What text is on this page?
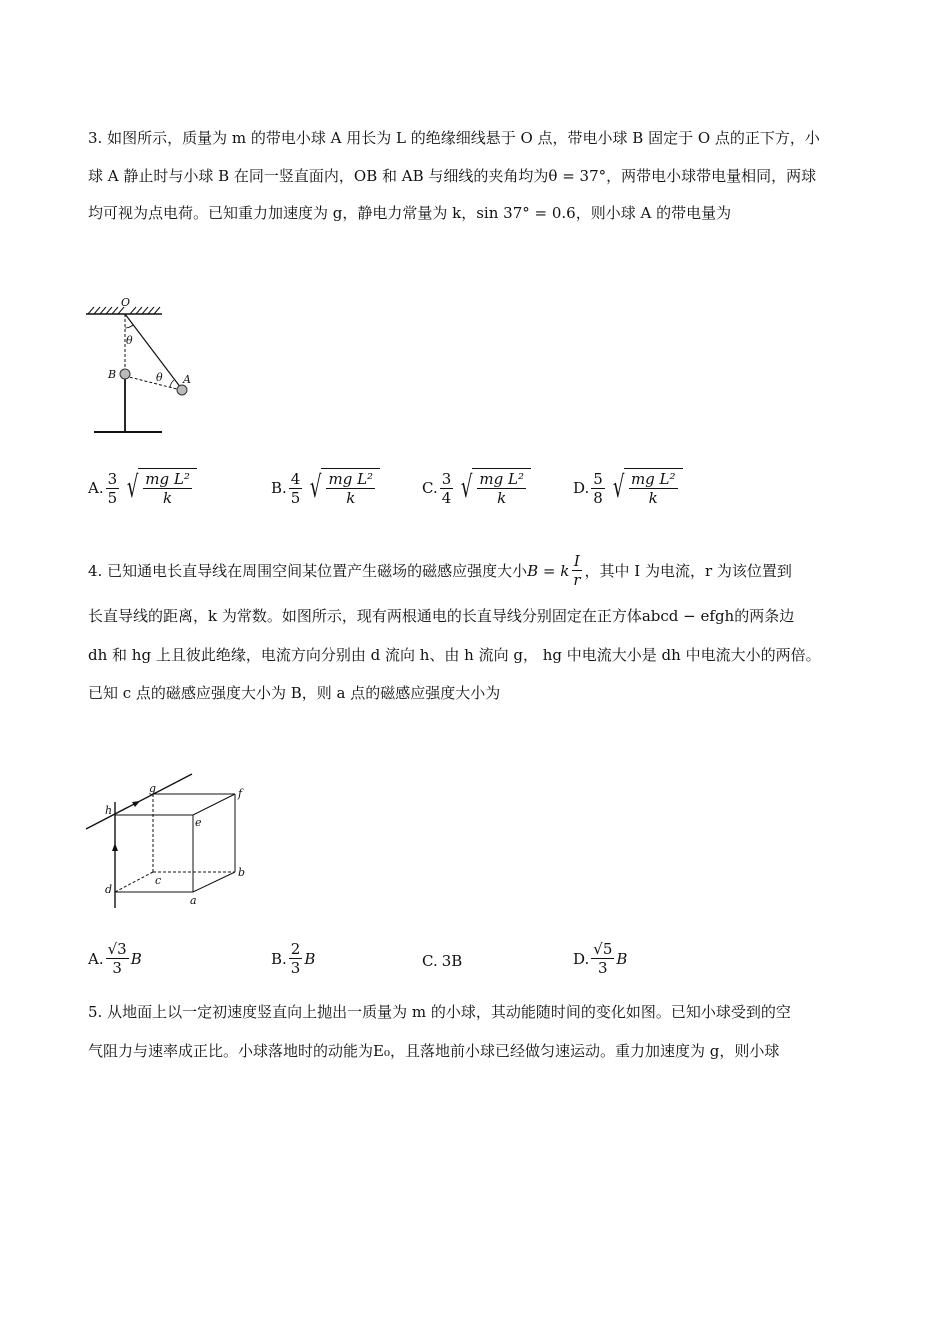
3. 如图所示，质量为 m 的带电小球 A 用长为 L 的绝缘细线悬于 O 点，带电小球 B 固定于 O 点的正下方，小
球 A 静止时与小球 B 在同一竖直面内，OB 和 AB 与细线的夹角均为θ = 37°，两带电小球带电量相同，两球
均可视为点电荷。已知重力加速度为 g，静电力常量为 k，sin 37° = 0.6，则小球 A 的带电量为
O
θ
θ
B	A
A. $\frac{3}{5}$ √ $\frac{\text{mg L²}}{k}$	B. $\frac{4}{5}$ √ $\frac{\text{mg L²}}{k}$	C. $\frac{3}{4}$ √ $\frac{\text{mg L²}}{k}$	D. $\frac{5}{8}$ √ $\frac{\text{mg L²}}{k}$
4. 已知通电长直导线在周围空间某位置产生磁场的磁感应强度大小 B = k $\frac{I}{r}$ ，其中 I 为电流，r 为该位置到
长直导线的距离，k 为常数。如图所示，现有两根通电的长直导线分别固定在正方体abcd − efgh的两条边
dh 和 hg 上且彼此绝缘，电流方向分别由 d 流向 h、由 h 流向 g， hg 中电流大小是 dh 中电流大小的两倍。
已知 c 点的磁感应强度大小为 B，则 a 点的磁感应强度大小为
h
g	f
e
b
c
d
a
A. $\frac{√3}{3}$ B	B. $\frac{2}{3}$ B	C. 3B	D. $\frac{√5}{3}$ B
5. 从地面上以一定初速度竖直向上抛出一质量为 m 的小球，其动能随时间的变化如图。已知小球受到的空
气阻力与速率成正比。小球落地时的动能为E₀，且落地前小球已经做匀速运动。重力加速度为 g，则小球
